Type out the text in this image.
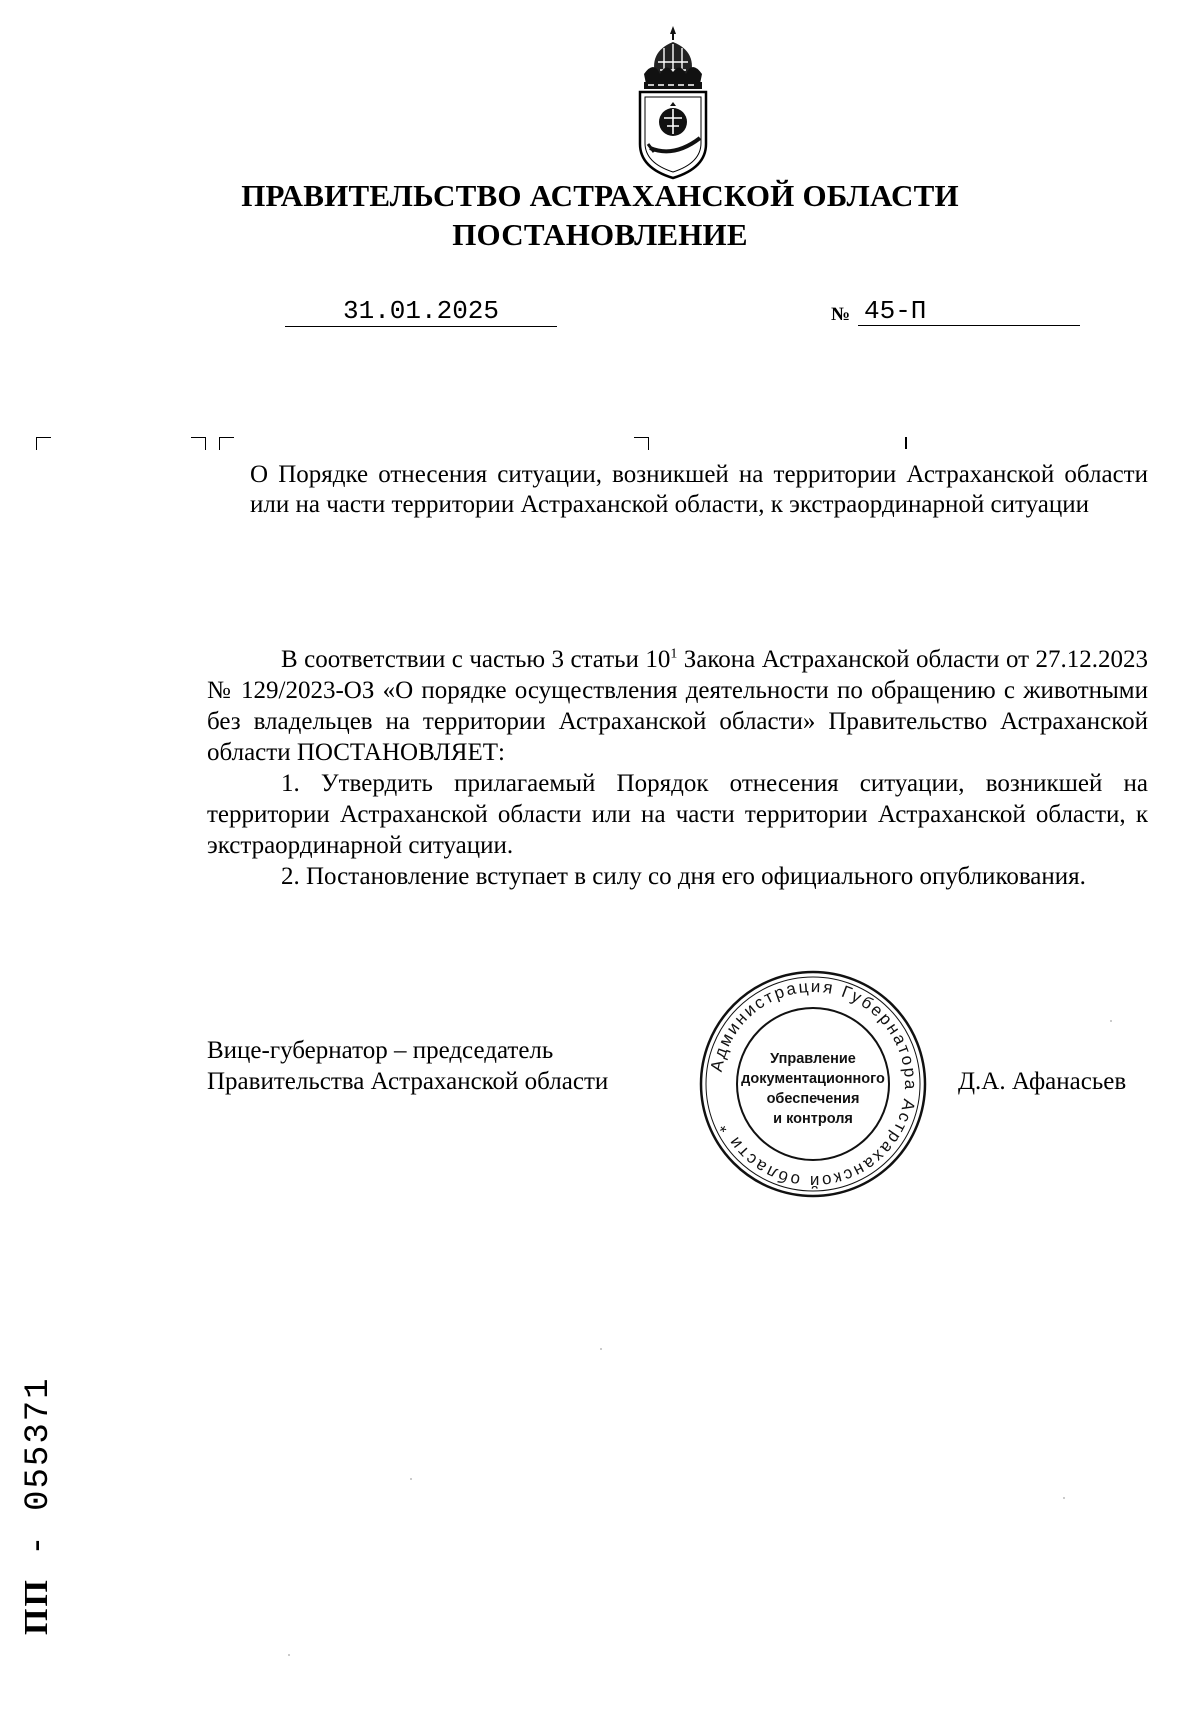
ПРАВИТЕЛЬСТВО АСТРАХАНСКОЙ ОБЛАСТИ
ПОСТАНОВЛЕНИЕ
31.01.2025	№ 45-П
О Порядке отнесения ситуации, возникшей на территории Астраханской области или на части территории Астраханской области, к экстраординарной ситуации

В соответствии с частью 3 статьи $10^1$ Закона Астраханской области от 27.12.2023 № 129/2023-ОЗ «О порядке осуществления деятельности по обращению с животными без владельцев на территории Астраханской области» Правительство Астраханской области ПОСТАНОВЛЯЕТ:

1. Утвердить прилагаемый Порядок отнесения ситуации, возникшей на территории Астраханской области или на части территории Астраханской области, к экстраординарной ситуации.

2. Постановление вступает в силу со дня его официального опубликования.

Вице-губернатор – председатель
Правительства Астраханской области	Д.А. Афанасьев
Администрация Губернатора Астраханской области *
Управление
документационного
обеспечения
и контроля
ПП - 055371
